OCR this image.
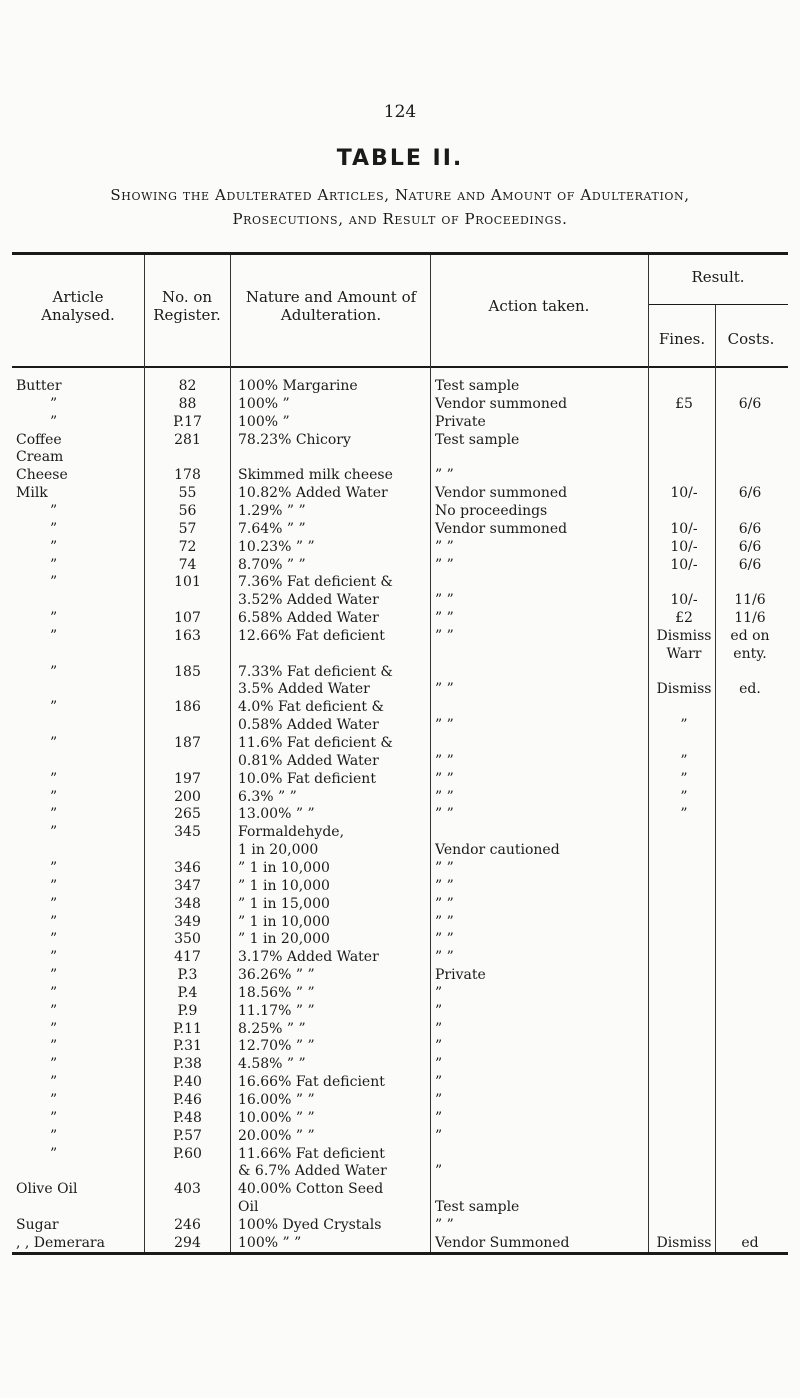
124
TABLE II.
Showing the Adulterated Articles, Nature and Amount of Adulteration,
Prosecutions, and Result of Proceedings.
Article Analysed.
No. on Register.
Nature and Amount of Adulteration.	Action taken.
Result.
Fines.	Costs.
Butter	82	100% Margarine	Test sample
”	88	100% ”	Vendor summoned	£5	6/6
”	P.17	100% ”	Private
Coffee	281	78.23% Chicory	Test sample
Cream
Cheese	178	Skimmed milk cheese	” ”
Milk	55	10.82% Added Water	Vendor summoned	10/-	6/6
”	56	1.29% ” ”	No proceedings
”	57	7.64% ” ”	Vendor summoned	10/-	6/6
”	72	10.23% ” ”	” ”	10/-	6/6
”	74	8.70% ” ”	” ”	10/-	6/6
”	101	7.36% Fat deficient &
3.52% Added Water	” ”	10/-	11/6
”	107	6.58% Added Water	” ”	£2	11/6
”	163	12.66% Fat deficient	” ”	Dismiss	ed on
Warr	enty.
”	185	7.33% Fat deficient &
3.5% Added Water	” ”	Dismiss	ed.
”	186	4.0% Fat deficient &
0.58% Added Water	” ”	”
”	187	11.6% Fat deficient &
0.81% Added Water	” ”	”
”	197	10.0% Fat deficient	” ”	”
”	200	6.3% ” ”	” ”	”
”	265	13.00% ” ”	” ”	”
”	345	Formaldehyde,
1 in 20,000	Vendor cautioned
”	346	” 1 in 10,000	” ”
”	347	” 1 in 10,000	” ”
”	348	” 1 in 15,000	” ”
”	349	” 1 in 10,000	” ”
”	350	” 1 in 20,000	” ”
”	417	3.17% Added Water	” ”
”	P.3	36.26% ” ”	Private
”	P.4	18.56% ” ”	”
”	P.9	11.17% ” ”	”
”	P.11	8.25% ” ”	”
”	P.31	12.70% ” ”	”
”	P.38	4.58% ” ”	”
”	P.40	16.66% Fat deficient	”
”	P.46	16.00% ” ”	”
”	P.48	10.00% ” ”	”
”	P.57	20.00% ” ”	”
”	P.60	11.66% Fat deficient
& 6.7% Added Water	”
Olive Oil	403	40.00% Cotton Seed
Oil	Test sample
Sugar	246	100% Dyed Crystals	” ”
, , Demerara	294	100% ” ”	Vendor Summoned	Dismiss	ed
